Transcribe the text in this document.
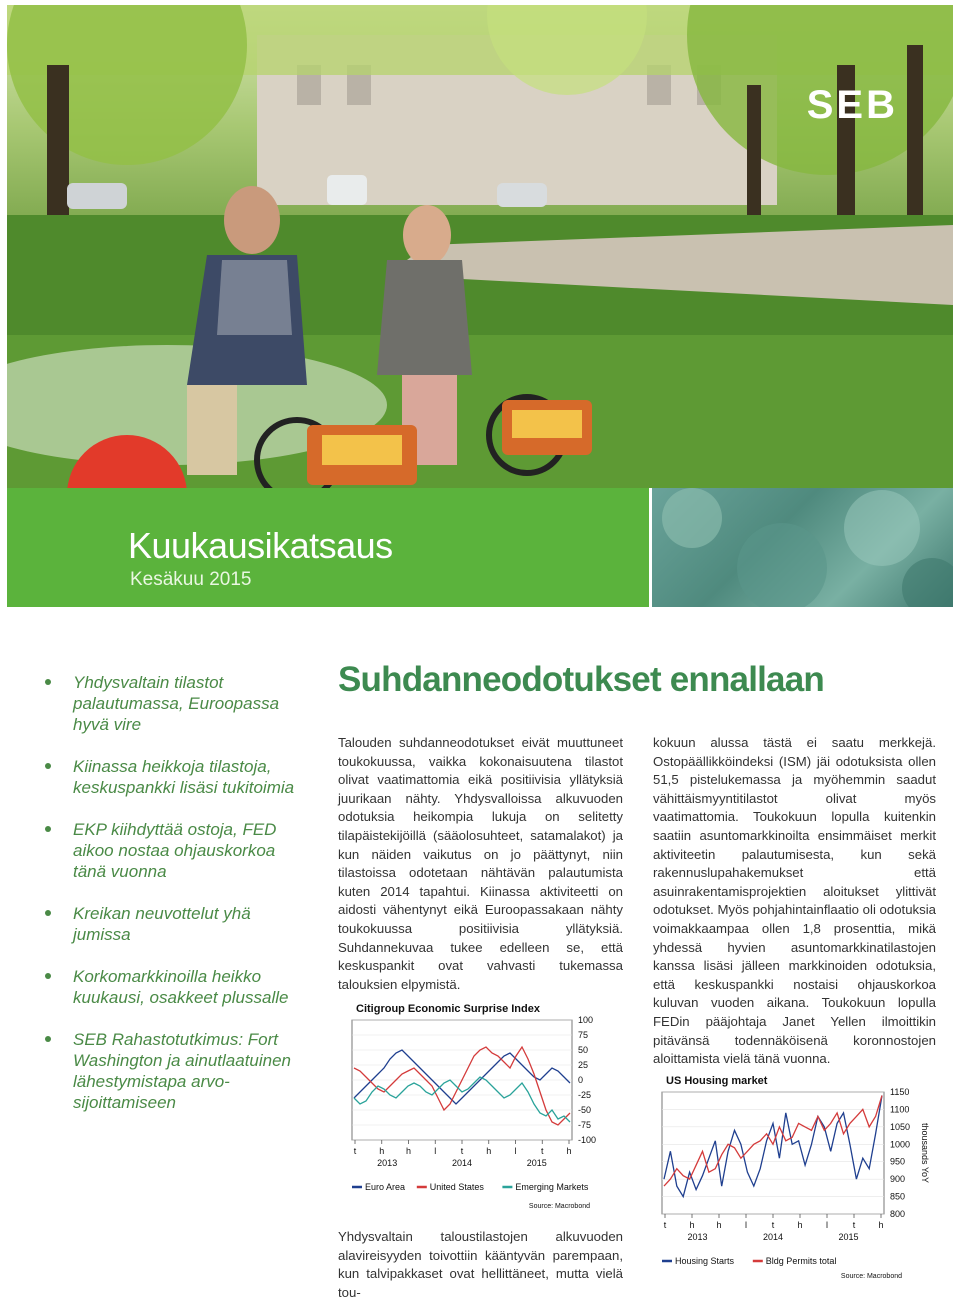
SEB
Kuukausikatsaus
Kesäkuu 2015
Yhdysvaltain tilastot palautumassa, Euroopassa hyvä vire
Kiinassa heikkoja tilastoja, keskuspankki lisäsi tukitoimia
EKP kiihdyttää ostoja, FED aikoo nostaa ohjauskorkoa tänä vuonna
Kreikan neuvottelut yhä jumissa
Korkomarkkinoilla heikko kuukausi, osakkeet plussalle
SEB Rahastotutkimus: Fort Washington ja ainutlaatuinen lähestymistapa arvo-sijoittamiseen
Suhdanneodotukset ennallaan
Talouden suhdanneodotukset eivät muuttuneet toukokuussa, vaikka kokonaisuutena tilastot olivat vaatimattomia eikä positiivisia yllätyksiä juurikaan nähty. Yhdysvalloissa alkuvuoden odotuksia heikompia lukuja on selitetty tilapäistekijöillä (sääolosuhteet, satamalakot) ja kun näiden vaikutus on jo päättynyt, niin tilastoissa odotetaan nähtävän palautumista kuten 2014 tapahtui. Kiinassa aktiviteetti on aidosti vähentynyt eikä Euroopassakaan nähty toukokuussa positiivisia yllätyksiä. Suhdannekuvaa tukee edelleen se, että keskuspankit ovat vahvasti tukemassa talouksien elpymistä.
kokuun alussa tästä ei saatu merkkejä. Ostopäällikköindeksi (ISM) jäi odotuksista ollen 51,5 pistelukemassa ja myöhemmin saadut vähittäismyyntitilastot olivat myös vaatimattomia. Toukokuun lopulla kuitenkin saatiin asuntomarkkinoilta ensimmäiset merkit aktiviteetin palautumisesta, kun sekä rakennuslupahakemukset että asuinrakentamisprojektien aloitukset ylittivät odotukset. Myös pohjahintainflaatio oli odotuksia voimakkaampaa ollen 1,8 prosenttia, mikä yhdessä hyvien asuntomarkkinatilastojen kanssa lisäsi jälleen markkinoiden odotuksia, että keskuspankki nostaisi ohjauskorkoa kuluvan vuoden aikana. Toukokuun lopulla FEDin pääjohtaja Janet Yellen ilmoittikin pitävänsä todennäköisenä koronnostojen aloittamista vielä tänä vuonna.
Yhdysvaltain taloustilastojen alkuvuoden alavireisyyden toivottiin kääntyvän parempaan, kun talvipakkaset ovat hellittäneet, mutta vielä tou-
Citigroup Economic Surprise Index
100
75
50
25
0
-25
-50
-75
-100
t	h h	l	t	h	l	t	h
2013	2014	2015
Euro Area	United States	Emerging Markets
Source: Macrobond
US Housing market
1150
1100
1050
1000
950
900
850
800
thousands YoY
t	h h	l	t	h	l	t	h
2013	2014	2015
Housing Starts	Bldg Permits total
Source: Macrobond
